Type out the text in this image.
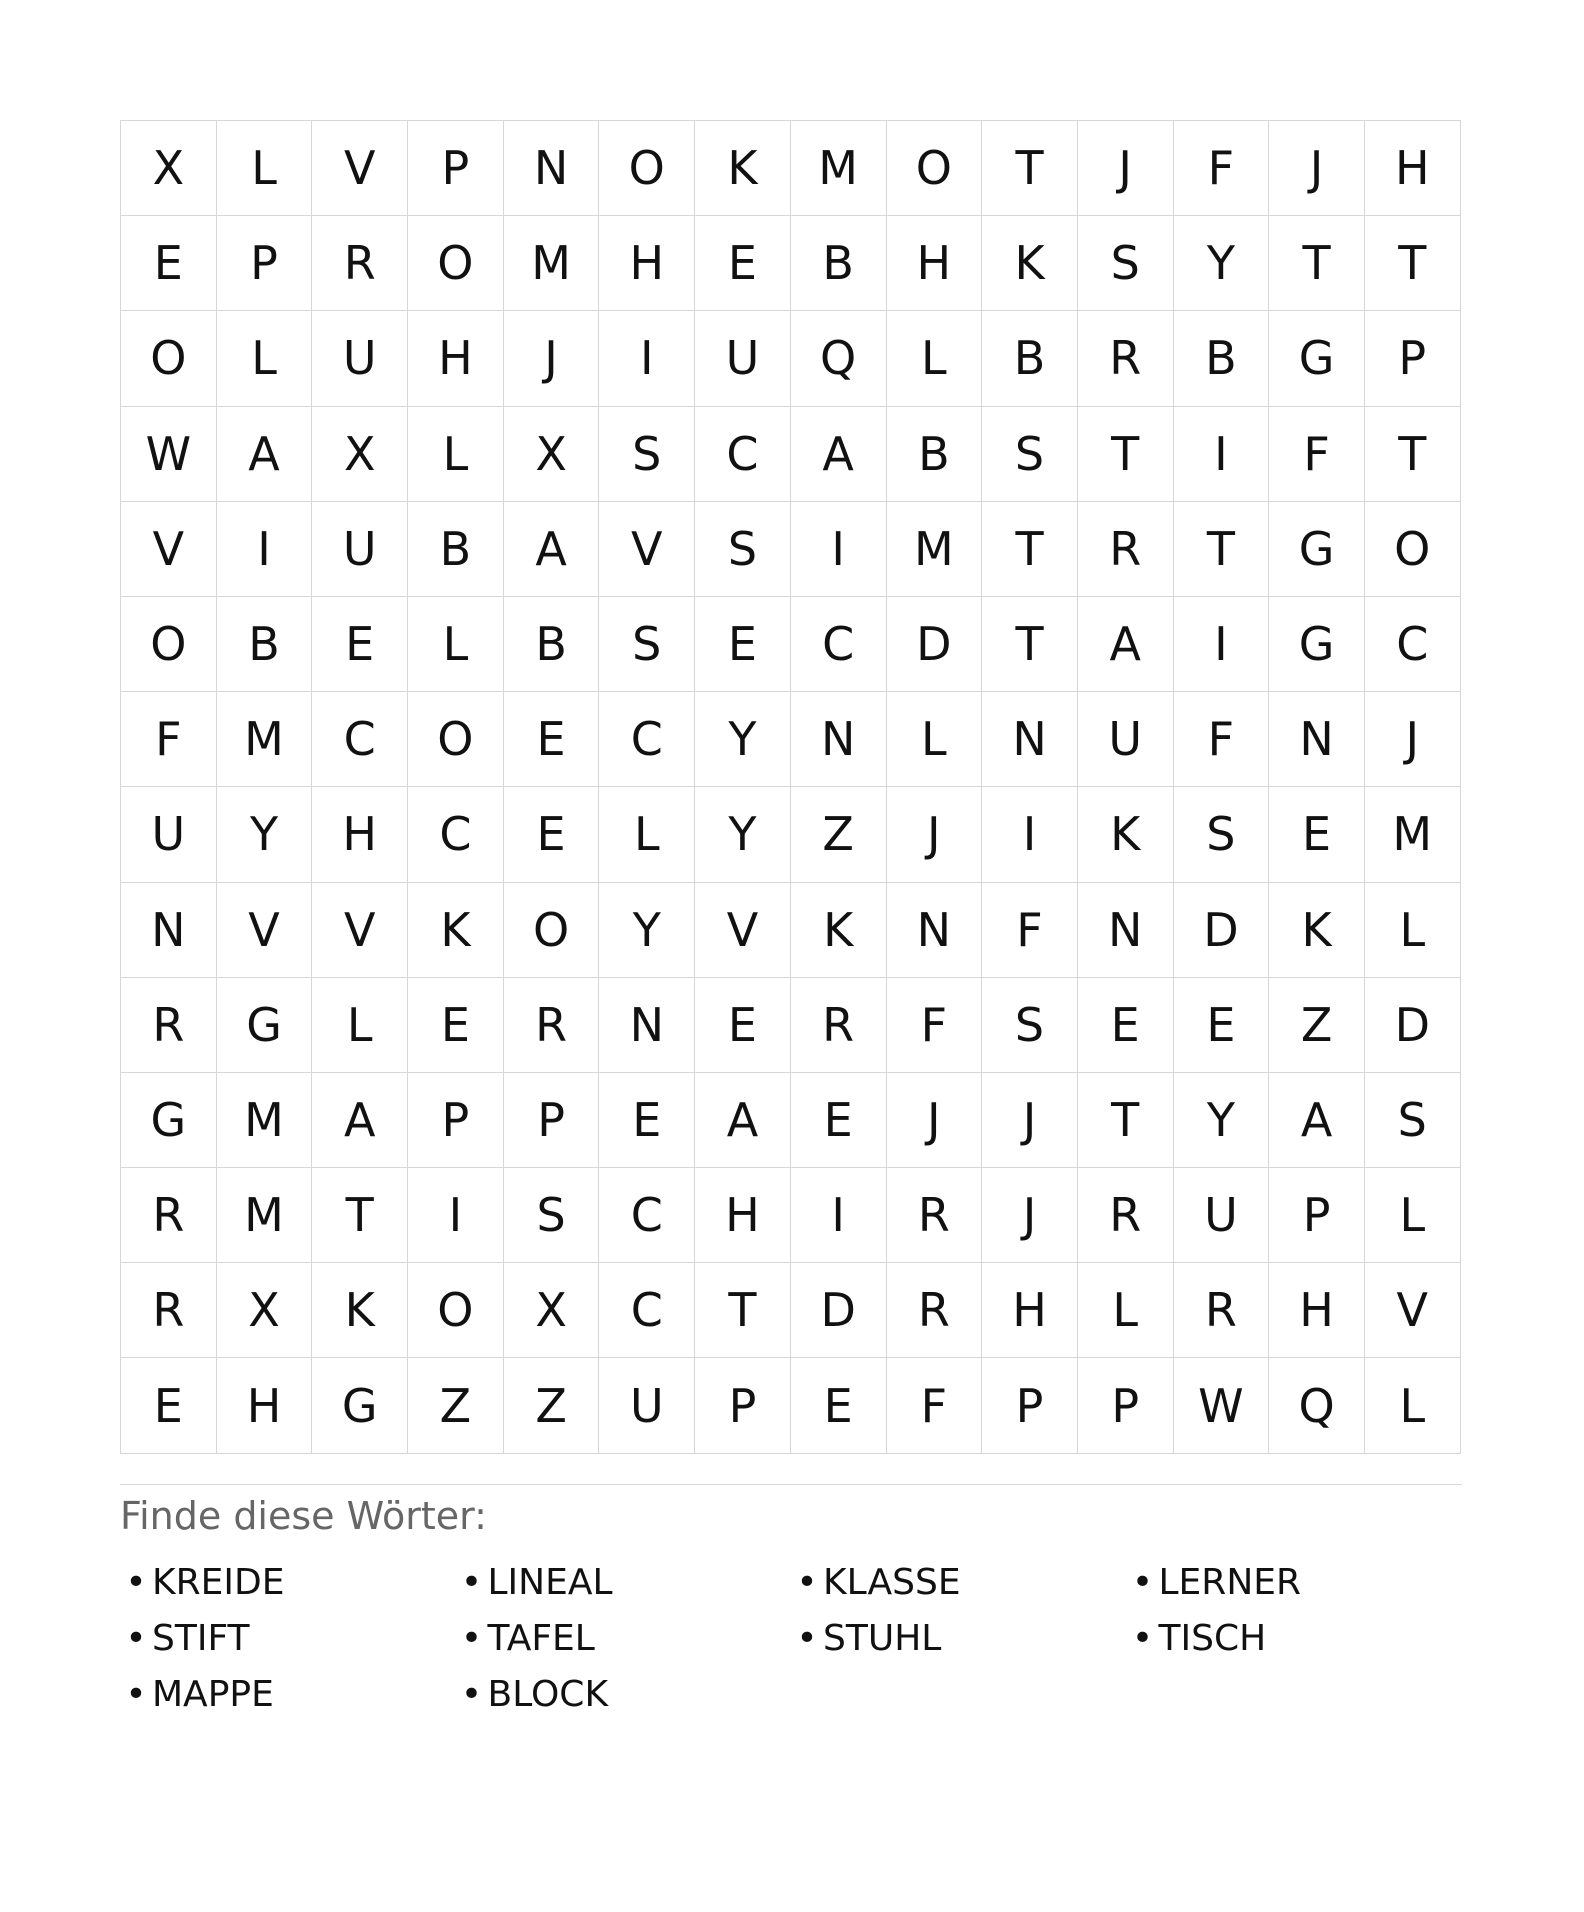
X	L	V	P	N	O	K	M	O	T	J	F	J	H
E	P	R	O	M	H	E	B	H	K	S	Y	T	T
O	L	U	H	J	I	U	Q	L	B	R	B	G	P
W	A	X	L	X	S	C	A	B	S	T	I	F	T
V	I	U	B	A	V	S	I	M	T	R	T	G	O
O	B	E	L	B	S	E	C	D	T	A	I	G	C
F	M	C	O	E	C	Y	N	L	N	U	F	N	J
U	Y	H	C	E	L	Y	Z	J	I	K	S	E	M
N	V	V	K	O	Y	V	K	N	F	N	D	K	L
R	G	L	E	R	N	E	R	F	S	E	E	Z	D
G	M	A	P	P	E	A	E	J	J	T	Y	A	S
R	M	T	I	S	C	H	I	R	J	R	U	P	L
R	X	K	O	X	C	T	D	R	H	L	R	H	V
E	H	G	Z	Z	U	P	E	F	P	P	W	Q	L
Finde diese Wörter:
• KREIDE	• LINEAL	• KLASSE	• LERNER
• STIFT	• TAFEL	• STUHL	• TISCH
• MAPPE	• BLOCK
